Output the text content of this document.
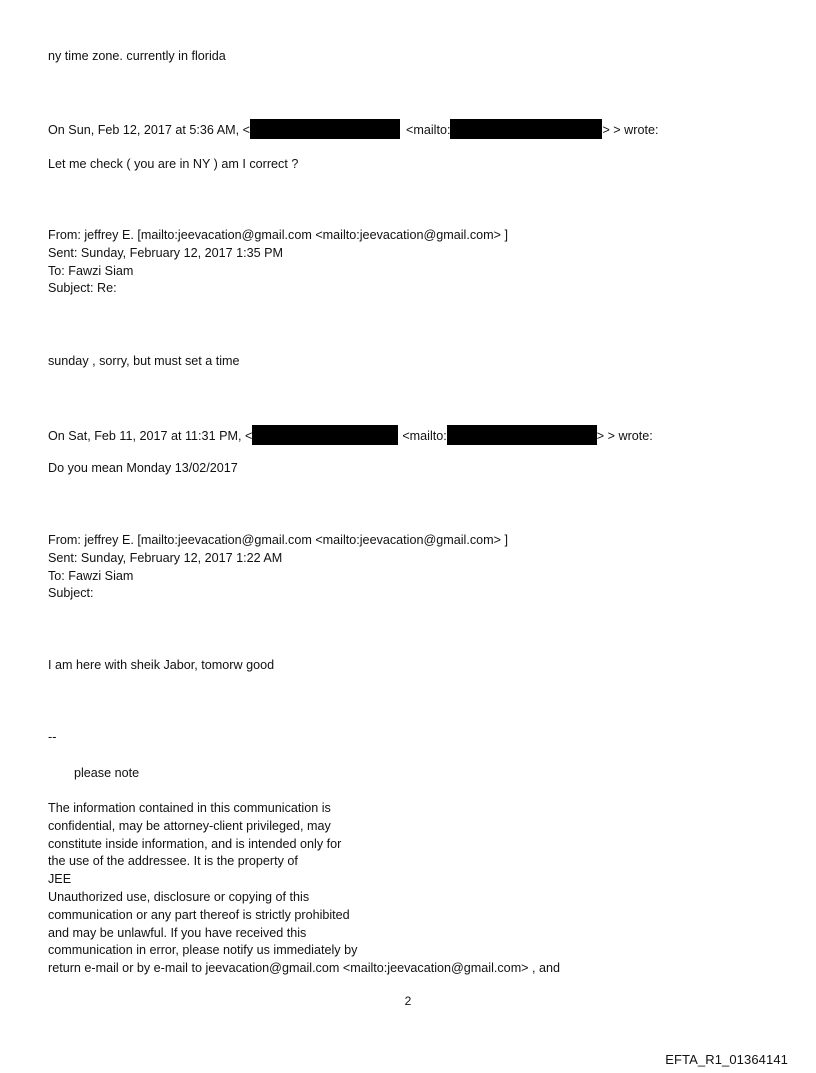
ny time zone. currently in florida
On Sun, Feb 12, 2017 at 5:36 AM, <	<mailto:	> > wrote:
Let me check ( you are in NY ) am I correct ?
From: jeffrey E. [mailto:jeevacation@gmail.com <mailto:jeevacation@gmail.com> ]
Sent: Sunday, February 12, 2017 1:35 PM
To: Fawzi Siam
Subject: Re:
sunday , sorry, but must set a time
On Sat, Feb 11, 2017 at 11:31 PM, <	<mailto:	> > wrote:
Do you mean Monday 13/02/2017
From: jeffrey E. [mailto:jeevacation@gmail.com <mailto:jeevacation@gmail.com> ]
Sent: Sunday, February 12, 2017 1:22 AM
To: Fawzi Siam
Subject:
I am here with sheik Jabor, tomorw good
--
please note
The information contained in this communication is
confidential, may be attorney-client privileged, may
constitute inside information, and is intended only for
the use of the addressee. It is the property of
JEE
Unauthorized use, disclosure or copying of this
communication or any part thereof is strictly prohibited
and may be unlawful. If you have received this
communication in error, please notify us immediately by
return e-mail or by e-mail to jeevacation@gmail.com <mailto:jeevacation@gmail.com> , and
2
EFTA_R1_01364141
